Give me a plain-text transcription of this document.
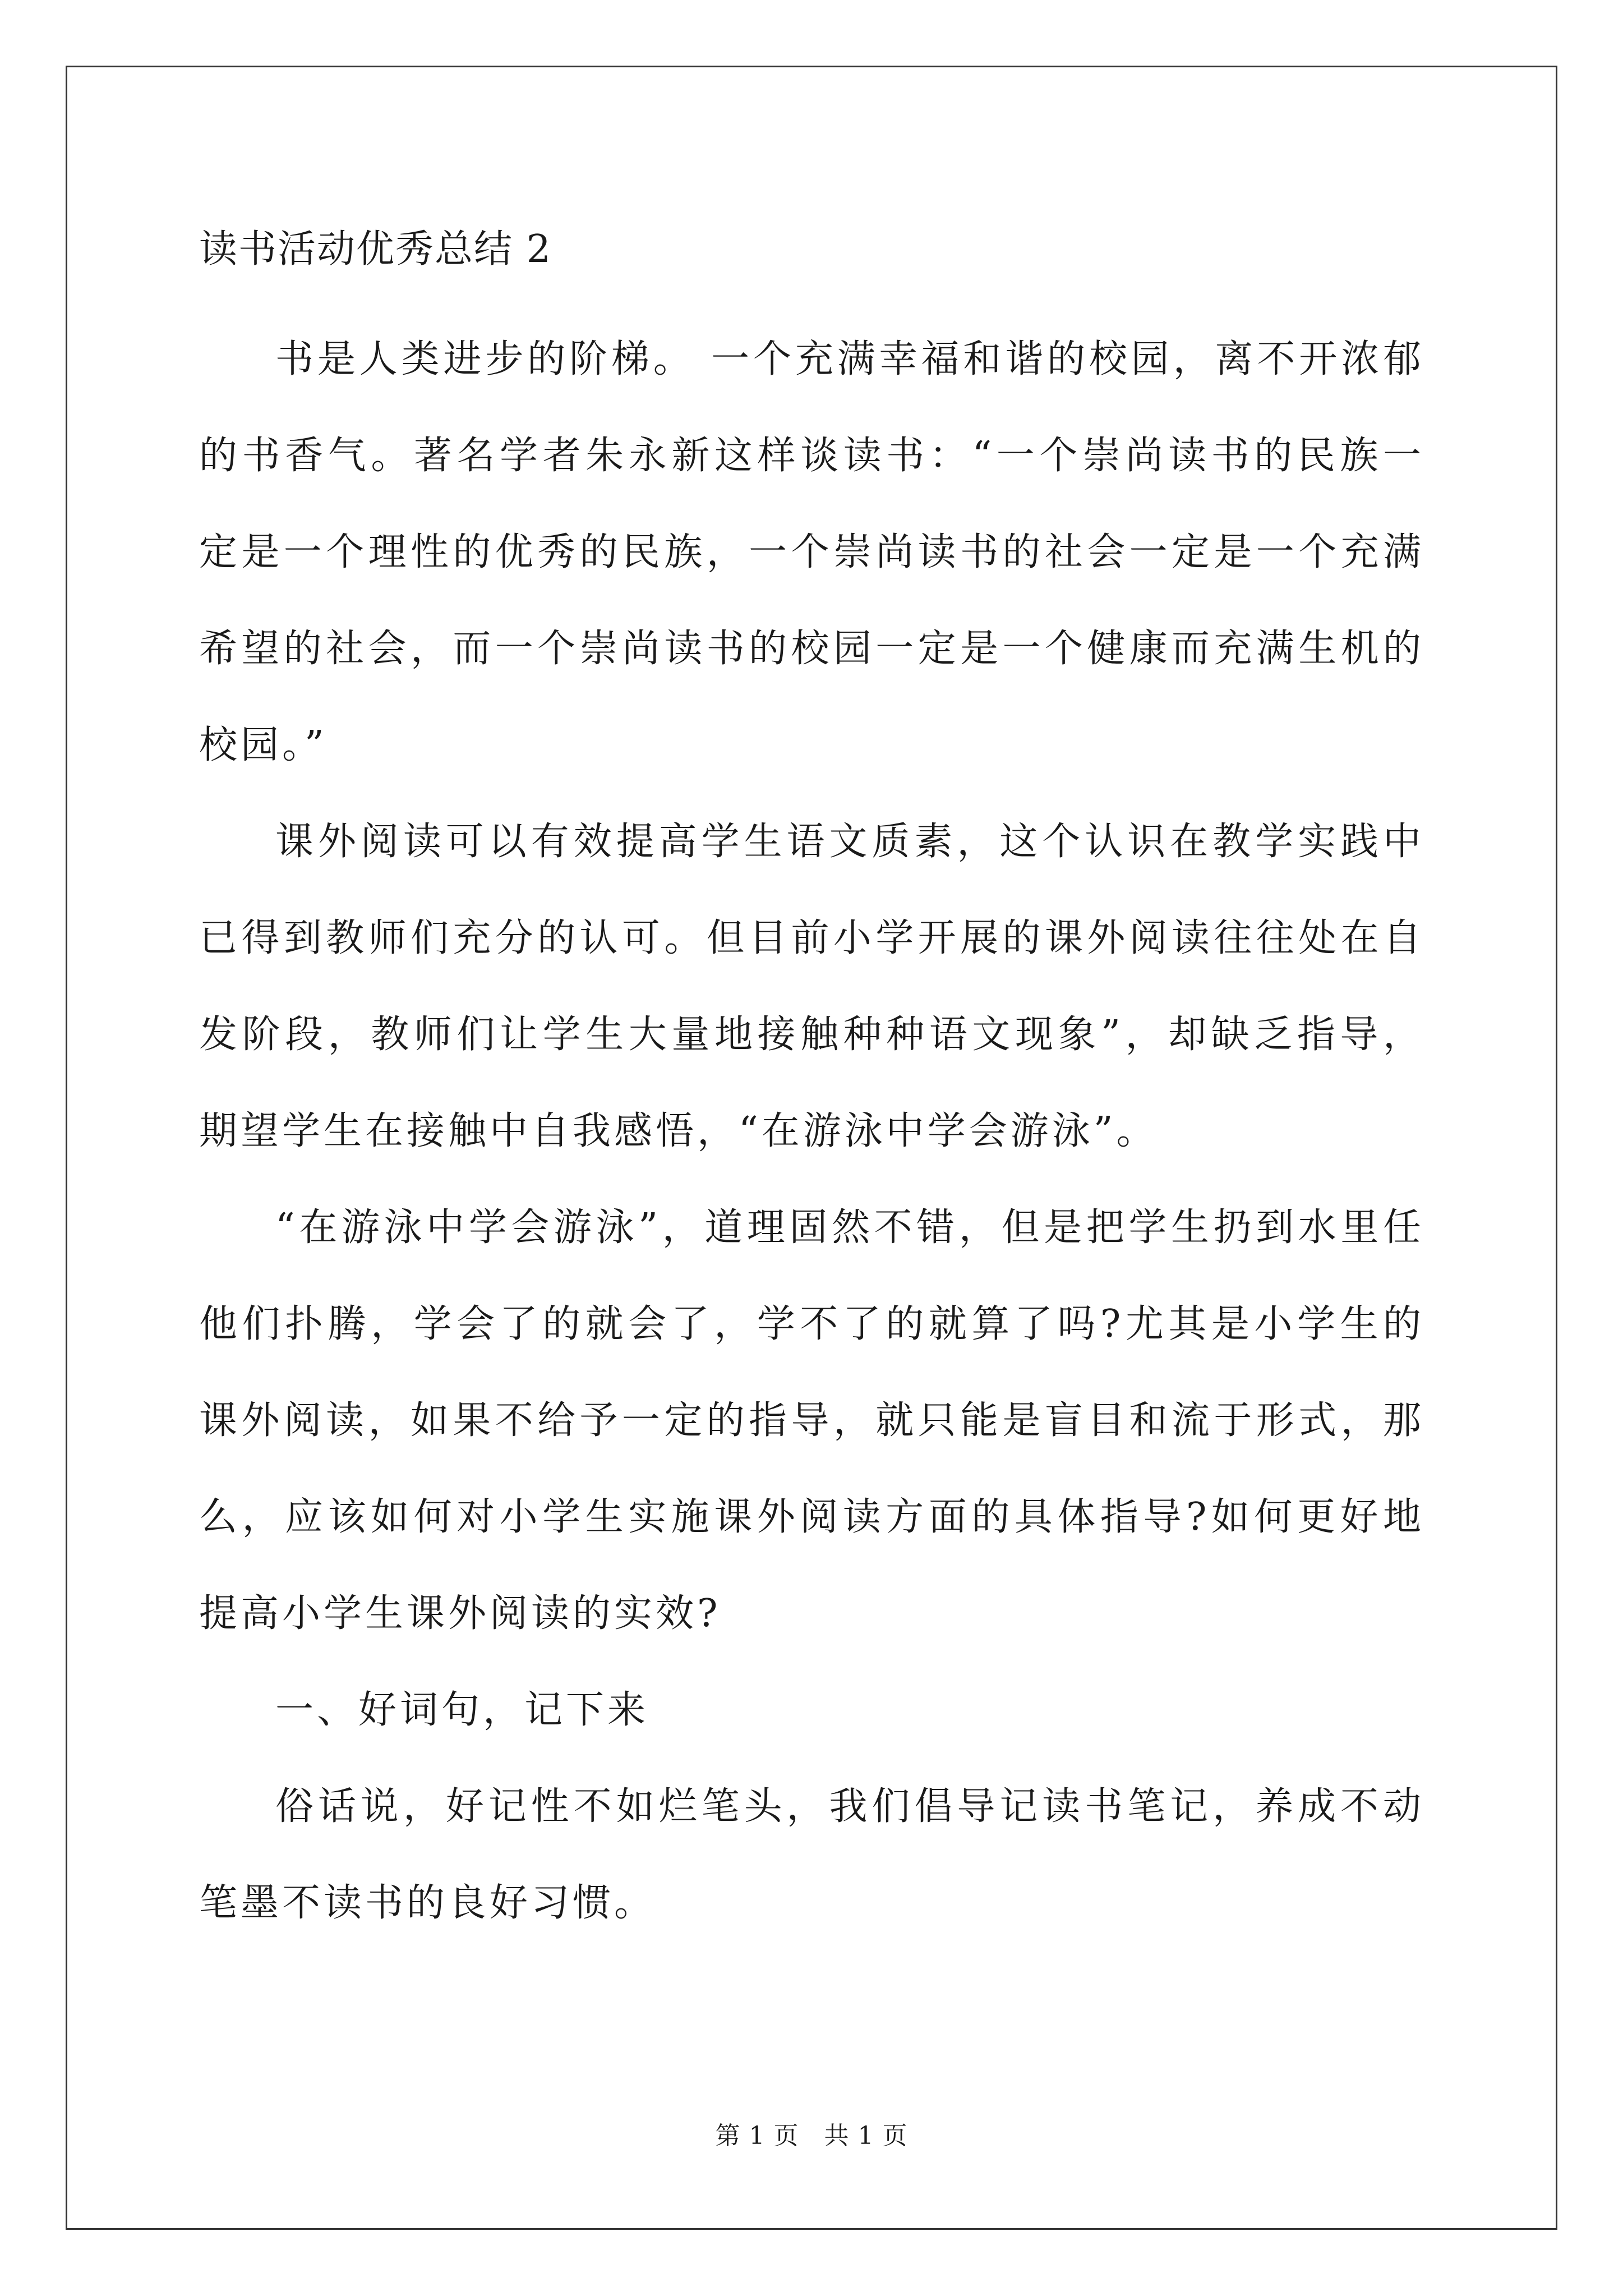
读书活动优秀总结 2

书是人类进步的阶梯。 一个充满幸福和谐的校园，离不开浓郁的书香气。著名学者朱永新这样谈读书：“一个崇尚读书的民族一定是一个理性的优秀的民族，一个崇尚读书的社会一定是一个充满希望的社会，而一个崇尚读书的校园一定是一个健康而充满生机的校园。”

课外阅读可以有效提高学生语文质素，这个认识在教学实践中已得到教师们充分的认可。但目前小学开展的课外阅读往往处在自发阶段，教师们让学生大量地接触种种语文现象”，却缺乏指导，期望学生在接触中自我感悟，“在游泳中学会游泳”。

“在游泳中学会游泳”，道理固然不错，但是把学生扔到水里任他们扑腾，学会了的就会了，学不了的就算了吗?尤其是小学生的课外阅读，如果不给予一定的指导，就只能是盲目和流于形式，那么，应该如何对小学生实施课外阅读方面的具体指导?如何更好地提高小学生课外阅读的实效?

一、好词句，记下来

俗话说，好记性不如烂笔头，我们倡导记读书笔记，养成不动笔墨不读书的良好习惯。

第 1 页　共 1 页
